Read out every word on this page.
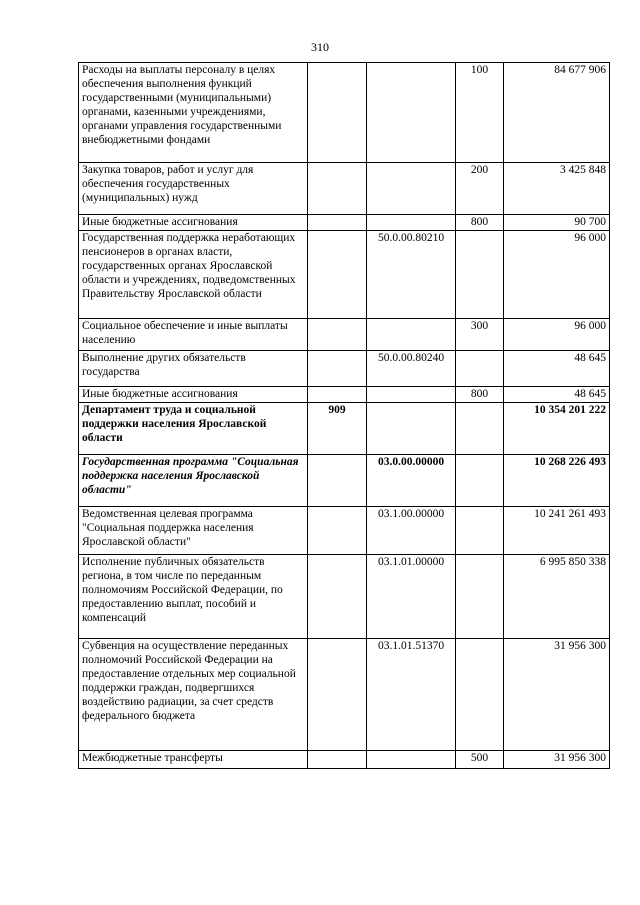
310
Расходы на выплаты персоналу в целях обеспечения выполнения функций государственными (муниципальными) органами, казенными учреждениями, органами управления государственными внебюджетными фондами			100	84 677 906
Закупка товаров, работ и услуг для обеспечения государственных (муниципальных) нужд			200	3 425 848
Иные бюджетные ассигнования			800	90 700
Государственная поддержка неработающих пенсионеров в органах власти, государственных органах Ярославской области и учреждениях, подведомственных Правительству Ярославской области		50.0.00.80210		96 000
Социальное обеспечение и иные выплаты населению			300	96 000
Выполнение других обязательств государства		50.0.00.80240		48 645
Иные бюджетные ассигнования			800	48 645
Департамент труда и социальной поддержки населения Ярославской области	909			10 354 201 222
Государственная программа "Социальная поддержка населения Ярославской области"		03.0.00.00000		10 268 226 493
Ведомственная целевая программа "Социальная поддержка населения Ярославской области"		03.1.00.00000		10 241 261 493
Исполнение публичных обязательств региона, в том числе по переданным полномочиям Российской Федерации, по предоставлению выплат, пособий и компенсаций		03.1.01.00000		6 995 850 338
Субвенция на осуществление переданных полномочий Российской Федерации на предоставление отдельных мер социальной поддержки граждан, подвергшихся воздействию радиации, за счет средств федерального бюджета		03.1.01.51370		31 956 300
Межбюджетные трансферты			500	31 956 300
